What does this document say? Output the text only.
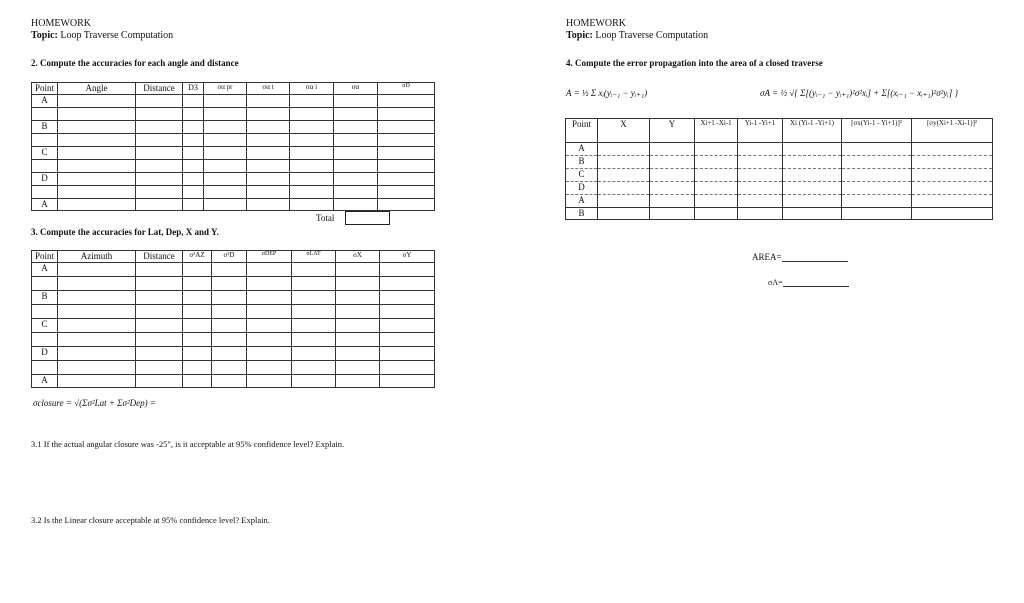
HOMEWORK
Topic: Loop Traverse Computation
2. Compute the accuracies for each angle and distance
Point	Angle	Distance	D3	σα pr	σα t	σα i	σα	σD
A								

B								

C								

D								

A								
Total
3. Compute the accuracies for Lat, Dep, X and Y.
Point	Azimuth	Distance	σ²AZ	σ²D	σDEP	σLAT	σX	σY
A								

B								

C								

D								

A								
σclosure = √(Σσ²Lat + Σσ²Dep) =
3.1 If the actual angular closure was -25", is it acceptable at 95% confidence level? Explain.
3.2 Is the Linear closure acceptable at 95% confidence level? Explain.
HOMEWORK
Topic: Loop Traverse Computation
4. Compute the error propagation into the area of a closed traverse
A = ½ Σ xᵢ(yᵢ₋₁ − yᵢ₊₁)	σA = ½ √{ Σ[(yᵢ₋₁ − yᵢ₊₁)²σ²xᵢ] + Σ[(xᵢ₋₁ − xᵢ₊₁)²σ²yᵢ] }
Point	X	Y	Xi+1 -Xi-1	Yi-1 -Yi+1	Xi (Yi-1 -Yi+1)	[σx(Yi-1 - Yi+1)]²	[σy(Xi+1 -Xi-1)]²
A							
B							
C							
D							
A							
B							
AREA=
σA=
